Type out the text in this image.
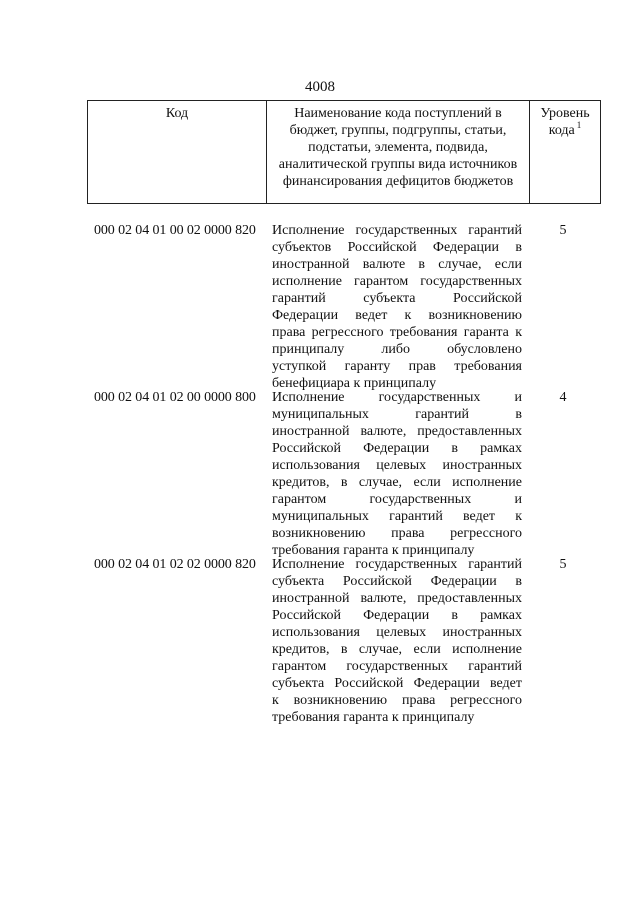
4008
Код	Наименование кода поступлений в бюджет, группы, подгруппы, статьи, подстатьи, элемента, подвида, аналитической группы вида источников финансирования дефицитов бюджетов
Уровень кода $^1$
000 02 04 01 00 02 0000 820 Исполнение государственных гарантий
субъектов Российской Федерации в
иностранной валюте в случае, если
исполнение гарантом государственных
гарантий субъекта Российской
Федерации ведет к возникновению
права регрессного требования гаранта к
принципалу либо обусловлено
уступкой гаранту прав требования
бенефициара к принципалу
5
000 02 04 01 02 00 0000 800 Исполнение государственных и
муниципальных гарантий в
иностранной валюте, предоставленных
Российской Федерации в рамках
использования целевых иностранных
кредитов, в случае, если исполнение
гарантом государственных и
муниципальных гарантий ведет к
возникновению права регрессного
требования гаранта к принципалу
4
000 02 04 01 02 02 0000 820 Исполнение государственных гарантий
субъекта Российской Федерации в
иностранной валюте, предоставленных
Российской Федерации в рамках
использования целевых иностранных
кредитов, в случае, если исполнение
гарантом государственных гарантий
субъекта Российской Федерации ведет
к возникновению права регрессного
требования гаранта к принципалу
5
